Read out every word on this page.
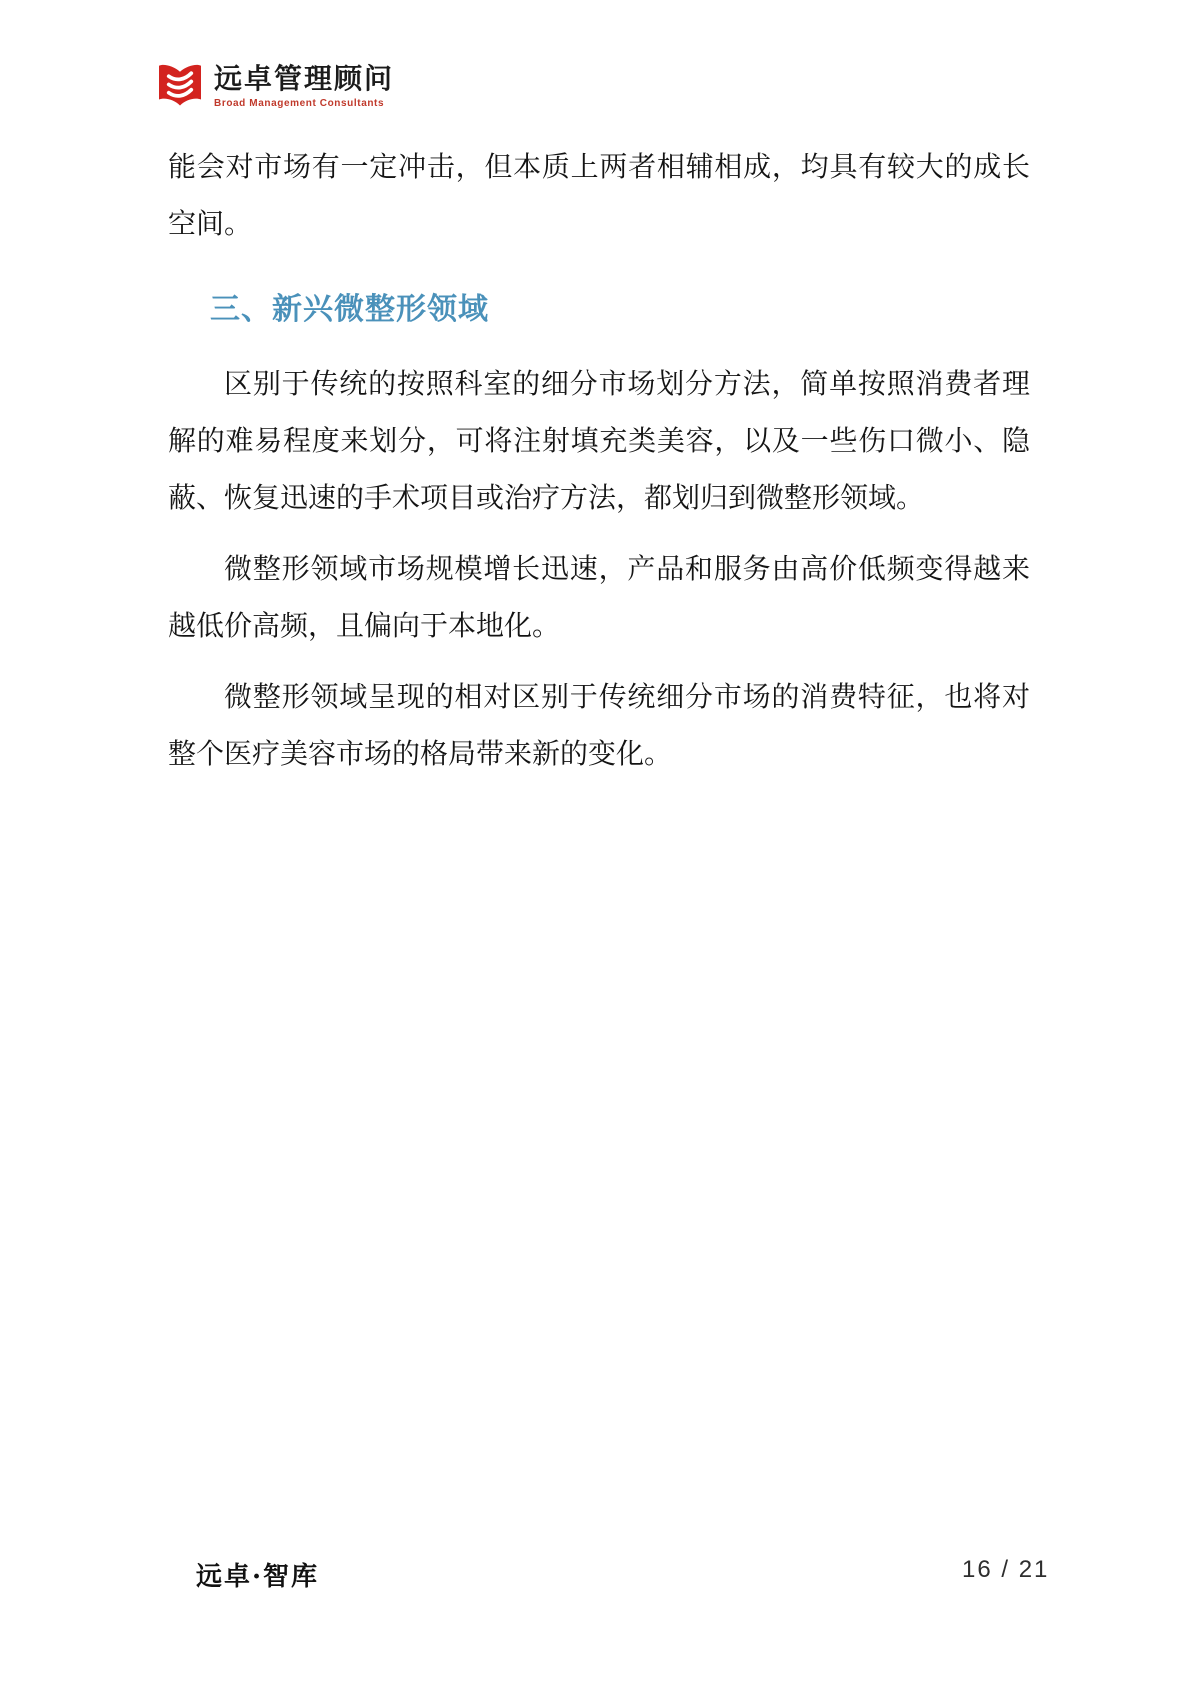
远卓管理顾问
Broad Management Consultants

能会对市场有一定冲击，但本质上两者相辅相成，均具有较大的成长空间。

三、新兴微整形领域

区别于传统的按照科室的细分市场划分方法，简单按照消费者理解的难易程度来划分，可将注射填充类美容，以及一些伤口微小、隐蔽、恢复迅速的手术项目或治疗方法，都划归到微整形领域。

微整形领域市场规模增长迅速，产品和服务由高价低频变得越来越低价高频，且偏向于本地化。

微整形领域呈现的相对区别于传统细分市场的消费特征，也将对整个医疗美容市场的格局带来新的变化。

远卓·智库	16 / 21
